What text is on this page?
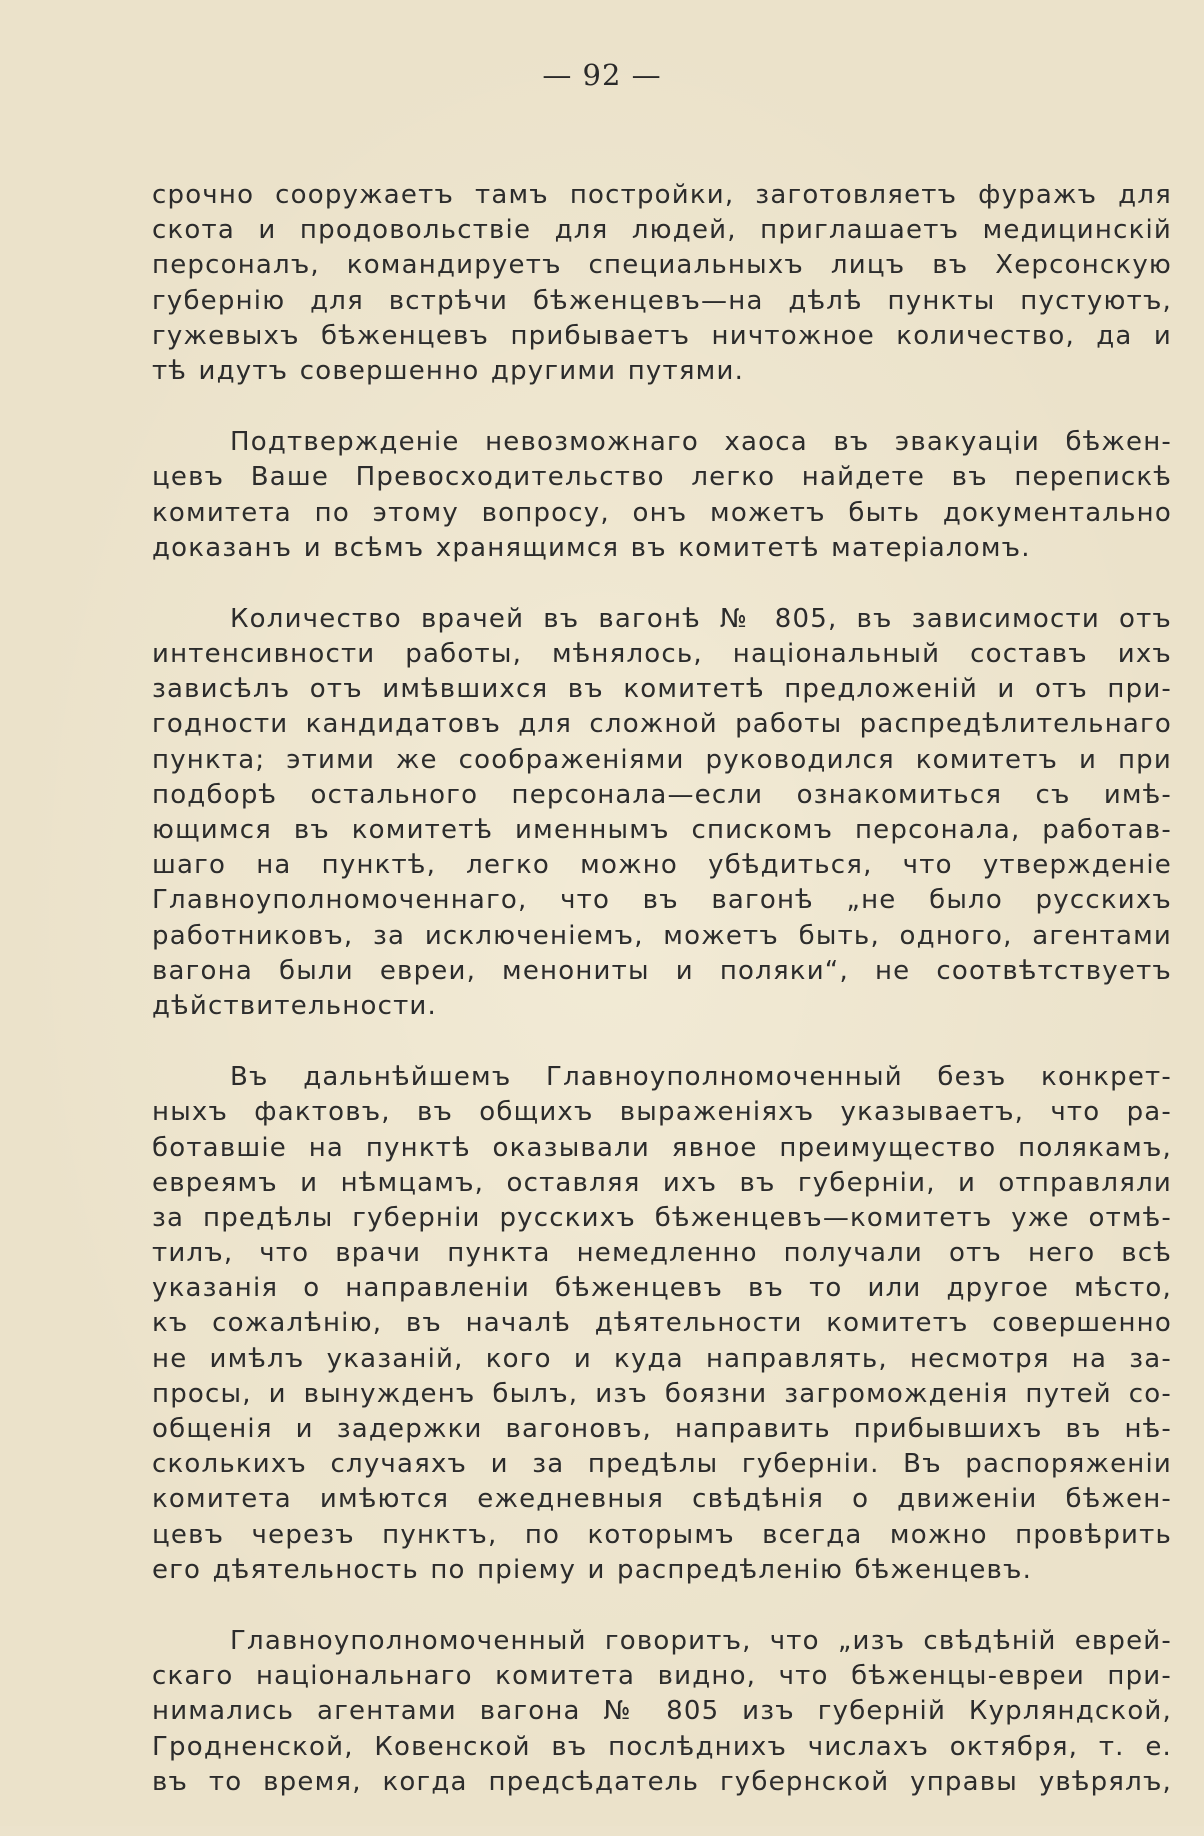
— 92 —
срочно сооружаетъ тамъ постройки, заготовляетъ фуражъ для
скота и продовольствіе для людей, приглашаетъ медицинскій
персоналъ, командируетъ специальныхъ лицъ въ Херсонскую
губернію для встрѣчи бѣженцевъ—на дѣлѣ пункты пустуютъ,
гужевыхъ бѣженцевъ прибываетъ ничтожное количество, да и
тѣ идутъ совершенно другими путями.
Подтвержденіе невозможнаго хаоса въ эвакуаціи бѣжен-
цевъ Ваше Превосходительство легко найдете въ перепискѣ
комитета по этому вопросу, онъ можетъ быть документально
доказанъ и всѣмъ хранящимся въ комитетѣ матеріаломъ.
Количество врачей въ вагонѣ № 805, въ зависимости отъ
интенсивности работы, мѣнялось, національный составъ ихъ
зависѣлъ отъ имѣвшихся въ комитетѣ предложеній и отъ при-
годности кандидатовъ для сложной работы распредѣлительнаго
пункта; этими же соображеніями руководился комитетъ и при
подборѣ остального персонала—если ознакомиться съ имѣ-
ющимся въ комитетѣ именнымъ спискомъ персонала, работав-
шаго на пунктѣ, легко можно убѣдиться, что утвержденіе
Главноуполномоченнаго, что въ вагонѣ „не было русскихъ
работниковъ, за исключеніемъ, можетъ быть, одного, агентами
вагона были евреи, менониты и поляки“, не соотвѣтствуетъ
дѣйствительности.
Въ дальнѣйшемъ Главноуполномоченный безъ конкрет-
ныхъ фактовъ, въ общихъ выраженіяхъ указываетъ, что ра-
ботавшіе на пунктѣ оказывали явное преимущество полякамъ,
евреямъ и нѣмцамъ, оставляя ихъ въ губерніи, и отправляли
за предѣлы губерніи русскихъ бѣженцевъ—комитетъ уже отмѣ-
тилъ, что врачи пункта немедленно получали отъ него всѣ
указанія о направленіи бѣженцевъ въ то или другое мѣсто,
къ сожалѣнію, въ началѣ дѣятельности комитетъ совершенно
не имѣлъ указаній, кого и куда направлять, несмотря на за-
просы, и вынужденъ былъ, изъ боязни загроможденія путей со-
общенія и задержки вагоновъ, направить прибывшихъ въ нѣ-
сколькихъ случаяхъ и за предѣлы губерніи. Въ распоряженіи
комитета имѣются ежедневныя свѣдѣнія о движеніи бѣжен-
цевъ черезъ пунктъ, по которымъ всегда можно провѣрить
его дѣятельность по пріему и распредѣленію бѣженцевъ.
Главноуполномоченный говоритъ, что „изъ свѣдѣній еврей-
скаго національнаго комитета видно, что бѣженцы-евреи при-
нимались агентами вагона № 805 изъ губерній Курляндской,
Гродненской, Ковенской въ послѣднихъ числахъ октября, т. е.
въ то время, когда предсѣдатель губернской управы увѣрялъ,
